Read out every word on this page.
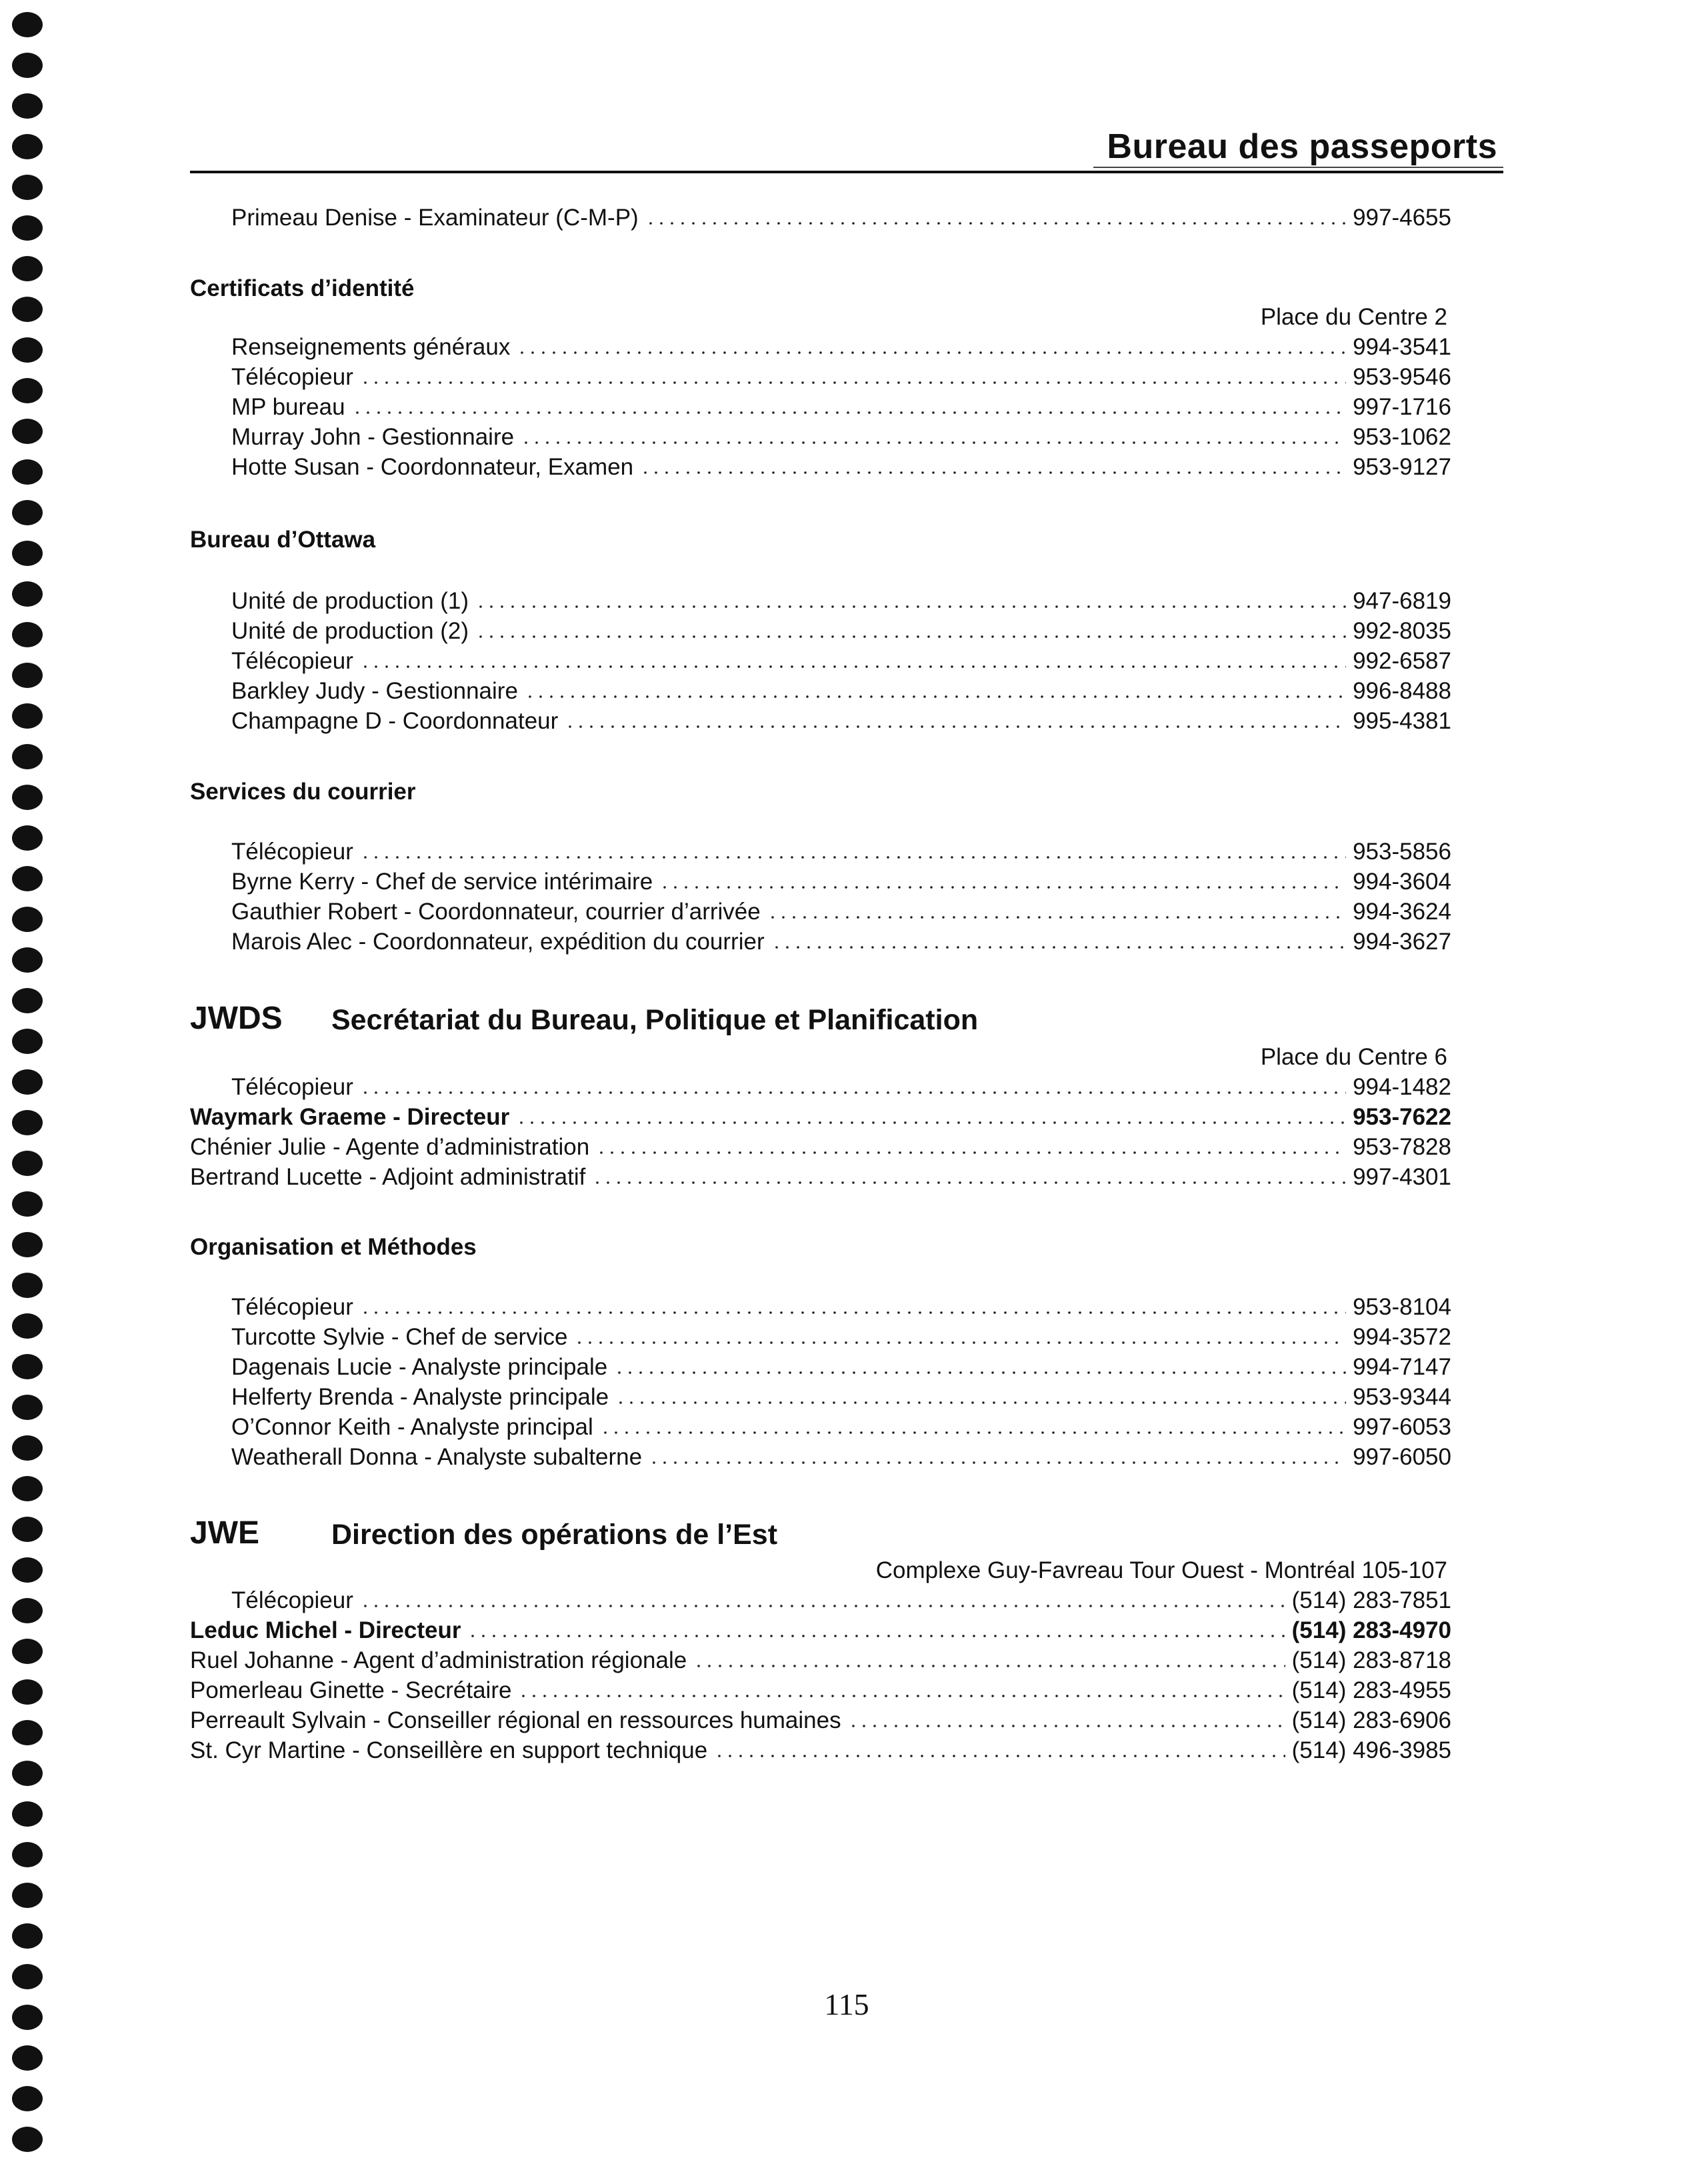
Bureau des passeports
Primeau Denise - Examinateur (C-M-P)	997-4655
Certificats d’identité
Place du Centre 2
Renseignements généraux	994-3541
Télécopieur	953-9546
MP bureau	997-1716
Murray John - Gestionnaire	953-1062
Hotte Susan - Coordonnateur, Examen	953-9127
Bureau d’Ottawa
Unité de production (1)	947-6819
Unité de production (2)	992-8035
Télécopieur	992-6587
Barkley Judy - Gestionnaire	996-8488
Champagne D - Coordonnateur	995-4381
Services du courrier
Télécopieur	953-5856
Byrne Kerry - Chef de service intérimaire	994-3604
Gauthier Robert - Coordonnateur, courrier d’arrivée	994-3624
Marois Alec - Coordonnateur, expédition du courrier	994-3627
JWDS Secrétariat du Bureau, Politique et Planification
Place du Centre 6
Télécopieur	994-1482
Waymark Graeme - Directeur	953-7622
Chénier Julie - Agente d’administration	953-7828
Bertrand Lucette - Adjoint administratif	997-4301
Organisation et Méthodes
Télécopieur	953-8104
Turcotte Sylvie - Chef de service	994-3572
Dagenais Lucie - Analyste principale	994-7147
Helferty Brenda - Analyste principale	953-9344
O’Connor Keith - Analyste principal	997-6053
Weatherall Donna - Analyste subalterne	997-6050
JWE	Direction des opérations de l’Est
Complexe Guy-Favreau Tour Ouest - Montréal 105-107
Télécopieur	(514) 283-7851
Leduc Michel - Directeur	(514) 283-4970
Ruel Johanne - Agent d’administration régionale	(514) 283-8718
Pomerleau Ginette - Secrétaire	(514) 283-4955
Perreault Sylvain - Conseiller régional en ressources humaines	(514) 283-6906
St. Cyr Martine - Conseillère en support technique	(514) 496-3985
115
